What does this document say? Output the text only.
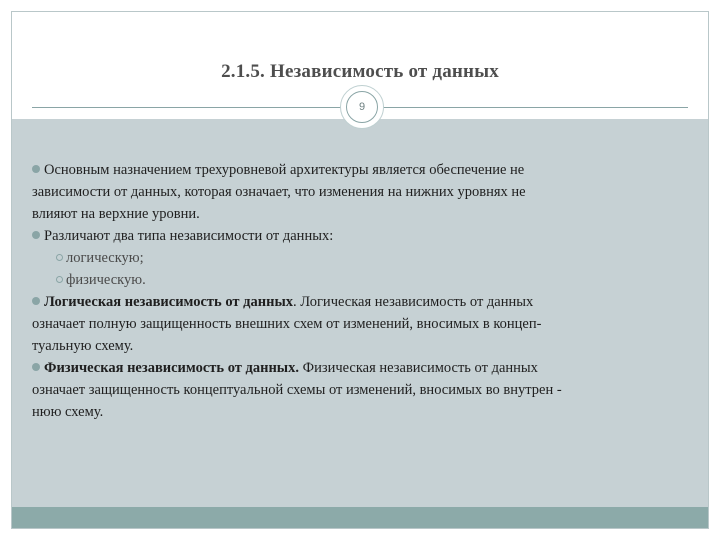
2.1.5. Независимость от данных
9

Основным назначением трехуровневой архитектуры является обеспечение не
зависимости от данных, которая означает, что изменения на нижних уровнях не
влияют на верхние уровни.

Различают два типа независимости от данных:

логическую;

физическую.

Логическая независимость от данных. Логическая независимость от данных
означает полную защищенность внешних схем от изменений, вносимых в концеп-
туальную схему.

Физическая независимость от данных. Физическая независимость от данных
означает защищенность концептуальной схемы от изменений, вносимых во внутрен -
нюю схему.
